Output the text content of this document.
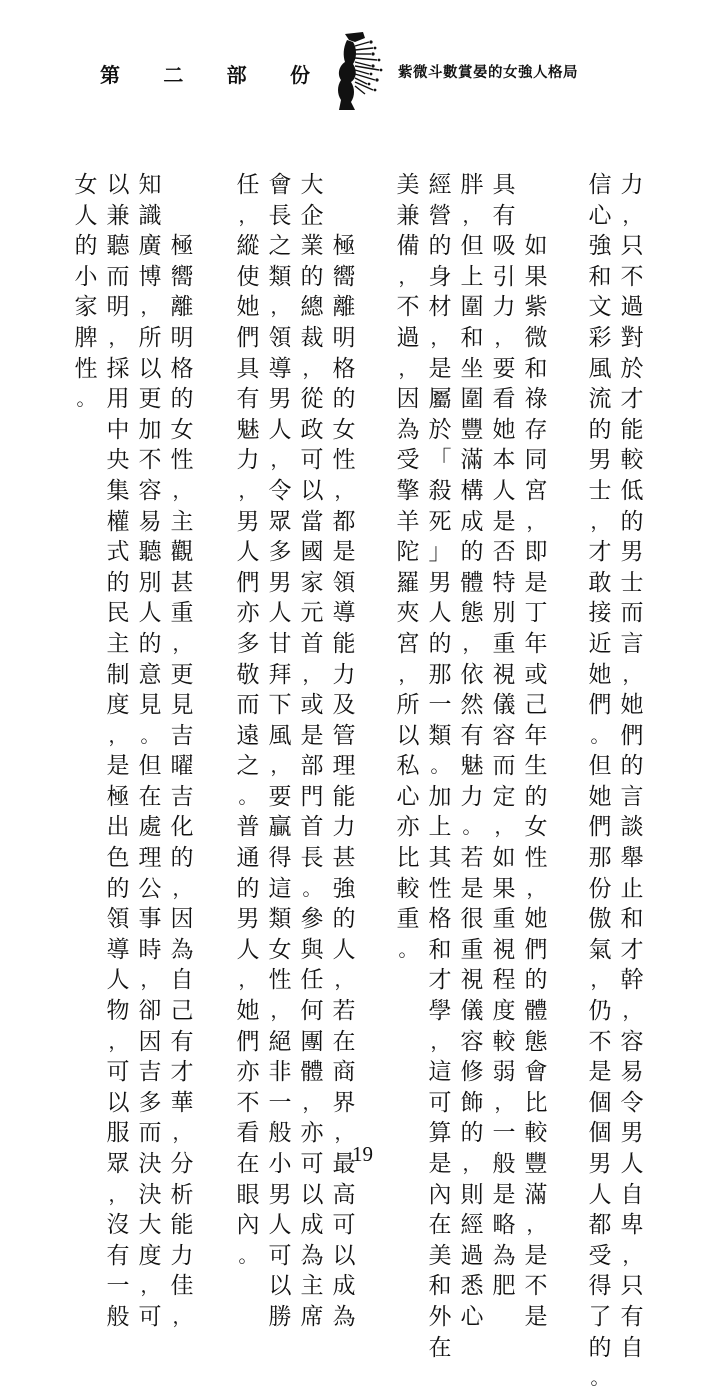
第 二 部 份	紫微斗數賞晏的女強人格局
力
，
只
不
過
對
於
才
能
較
低
的
男
士
而
言
，
她
們
的
言
談
舉
止
和
才
幹
，
容
易
令
男
人
自
卑
，
只
有
自
信
心
強
和
文
彩
風
流
的
男
士
，
才
敢
接
近
她
們
。
但
她
們
那
份
傲
氣
，
仍
不
是
個
個
男
人
都
受
得
了
的
。
如
果
紫
微
和
祿
存
同
宮
，
即
是
丁
年
或
己
年
生
的
女
性
，
她
們
的
體
態
會
比
較
豐
滿
，
是
不
是
具
有
吸
引
力
，
要
看
她
本
人
是
否
特
別
重
視
儀
容
而
定
，
如
果
重
視
程
度
較
弱
，
一
般
是
略
為
肥
胖
，
但
上
圍
和
坐
圍
豐
滿
構
成
的
體
態
，
依
然
有
魅
力
。
若
是
很
重
視
儀
容
修
飾
的
，
則
經
過
悉
心
經
營
的
身
材
，
是
屬
於
「
殺
死
」
男
人
的
那
一
類
。
加
上
其
性
格
和
才
學
，
這
可
算
是
內
在
美
和
外
在
美
兼
備
，
不
過
，
因
為
受
擎
羊
陀
羅
夾
宮
，
所
以
私
心
亦
比
較
重
。
極
嚮
離
明
格
的
女
性
，
都
是
領
導
能
力
及
管
理
能
力
甚
強
的
人
，
若
在
商
界
，
最
高
可
以
成
為
大
企
業
的
總
裁
，
從
政
可
以
當
國
家
元
首
，
或
是
部
門
首
長
。
參
與
任
何
團
體
，
亦
可
以
成
為
主
席
會
長
之
類
，
領
導
男
人
，
令
眾
多
男
人
甘
拜
下
風
，
要
贏
得
這
類
女
性
，
絕
非
一
般
小
男
人
可
以
勝
任
，
縱
使
她
們
具
有
魅
力
，
男
人
們
亦
多
敬
而
遠
之
。
普
通
的
男
人
，
她
們
亦
不
看
在
眼
內
。
極
嚮
離
明
格
的
女
性
，
主
觀
甚
重
，
更
見
吉
曜
吉
化
的
，
因
為
自
己
有
才
華
，
分
析
能
力
佳
，
知
識
廣
博
，
所
以
更
加
不
容
易
聽
別
人
的
意
見
。
但
在
處
理
公
事
時
，
卻
因
吉
多
而
決
決
大
度
，
可
以
兼
聽
而
明
，
採
用
中
央
集
權
式
的
民
主
制
度
，
是
極
出
色
的
領
導
人
物
，
可
以
服
眾
，
沒
有
一
般
女
人
的
小
家
脾
性
。
19
